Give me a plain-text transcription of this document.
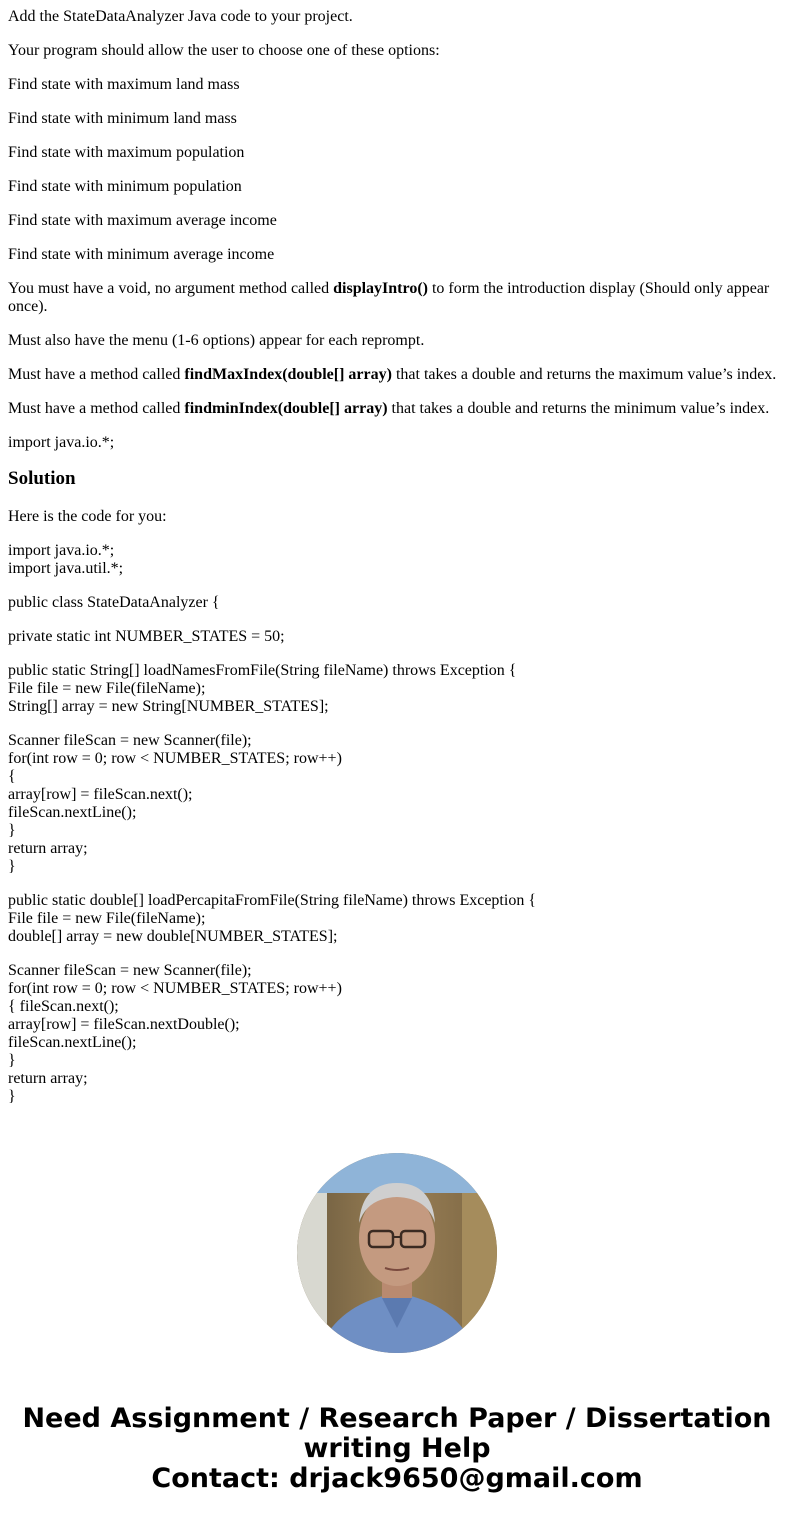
Add the StateDataAnalyzer Java code to your project.

Your program should allow the user to choose one of these options:

Find state with maximum land mass

Find state with minimum land mass

Find state with maximum population

Find state with minimum population

Find state with maximum average income

Find state with minimum average income

You must have a void, no argument method called displayIntro() to form the introduction display (Should only appear once).

Must also have the menu (1-6 options) appear for each reprompt.

Must have a method called findMaxIndex(double[] array) that takes a double and returns the maximum value’s index.

Must have a method called findminIndex(double[] array) that takes a double and returns the minimum value’s index.

import java.io.*;

Solution

Here is the code for you:

import java.io.*;
import java.util.*;

public class StateDataAnalyzer {

private static int NUMBER_STATES = 50;

public static String[] loadNamesFromFile(String fileName) throws Exception {
File file = new File(fileName);
String[] array = new String[NUMBER_STATES];

Scanner fileScan = new Scanner(file);
for(int row = 0; row < NUMBER_STATES; row++)
{
array[row] = fileScan.next();
fileScan.nextLine();
}
return array;
}

public static double[] loadPercapitaFromFile(String fileName) throws Exception {
File file = new File(fileName);
double[] array = new double[NUMBER_STATES];

Scanner fileScan = new Scanner(file);
for(int row = 0; row < NUMBER_STATES; row++)
{ fileScan.next();
array[row] = fileScan.nextDouble();
fileScan.nextLine();
}
return array;
}

Need Assignment / Research Paper / Dissertation
writing Help
Contact: drjack9650@gmail.com
